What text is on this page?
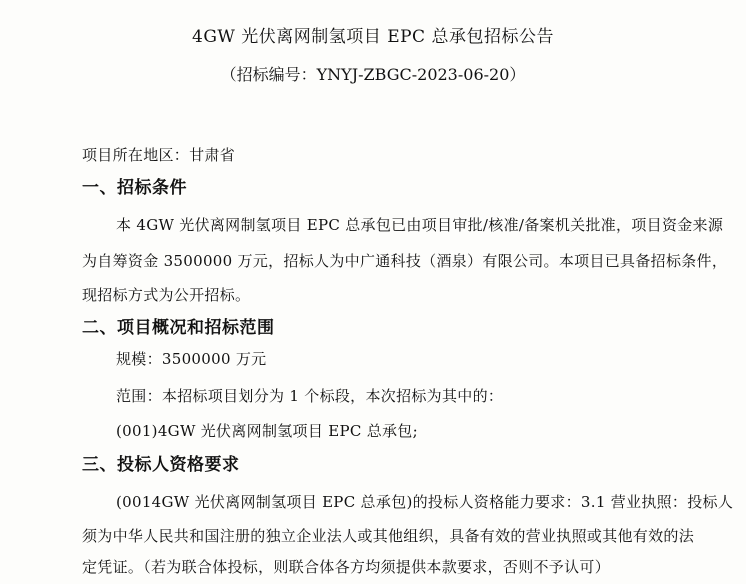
4GW 光伏离网制氢项目 EPC 总承包招标公告
（招标编号：YNYJ-ZBGC-2023-06-20）
项目所在地区：甘肃省
一、招标条件
本 4GW 光伏离网制氢项目 EPC 总承包已由项目审批/核准/备案机关批准，项目资金来源
为自筹资金 3500000 万元，招标人为中广通科技（酒泉）有限公司。本项目已具备招标条件，
现招标方式为公开招标。
二、项目概况和招标范围
规模：3500000 万元
范围：本招标项目划分为 1 个标段，本次招标为其中的：
(001)4GW 光伏离网制氢项目 EPC 总承包;
三、投标人资格要求
(0014GW 光伏离网制氢项目 EPC 总承包)的投标人资格能力要求：3.1 营业执照：投标人
须为中华人民共和国注册的独立企业法人或其他组织，具备有效的营业执照或其他有效的法
定凭证。（若为联合体投标，则联合体各方均须提供本款要求，否则不予认可）
